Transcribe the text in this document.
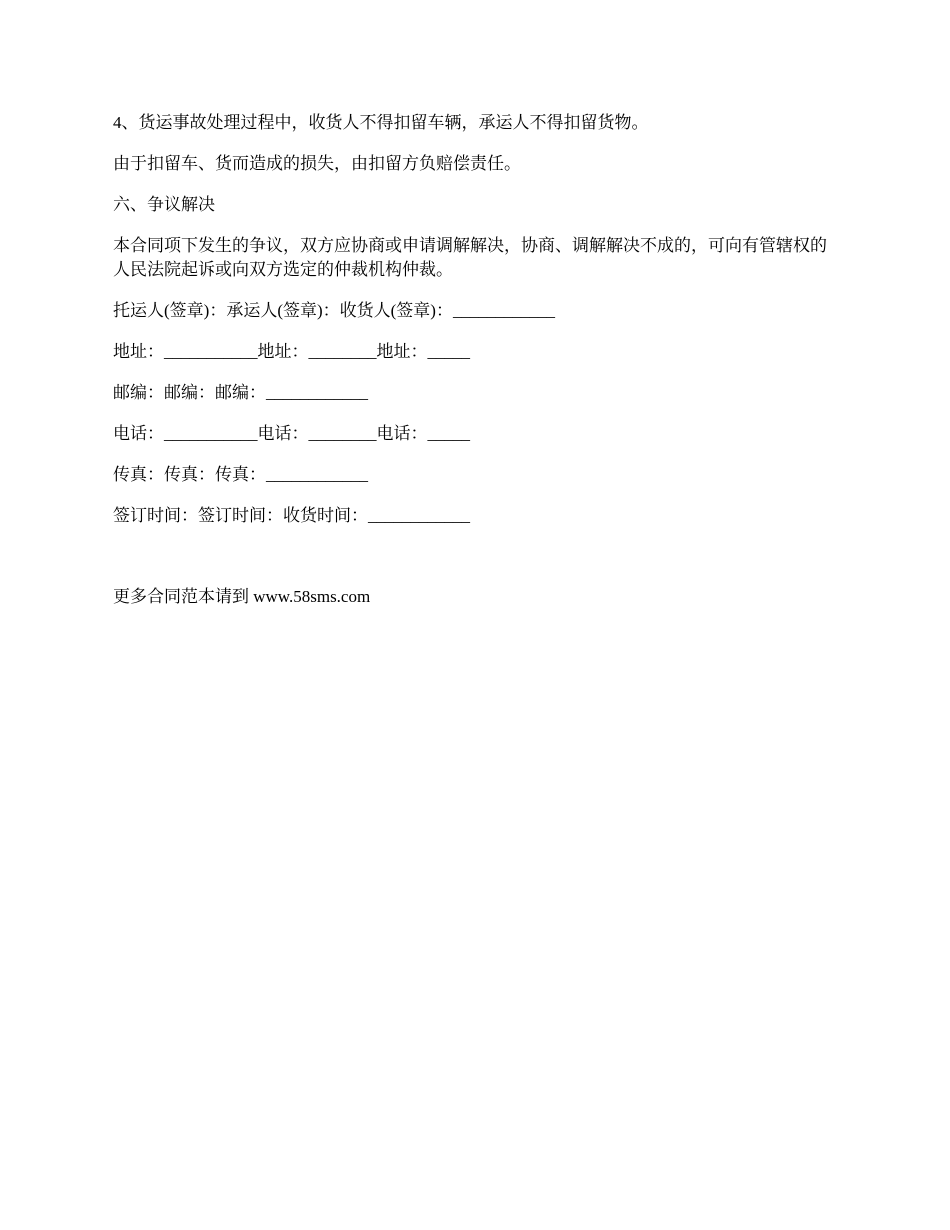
4、货运事故处理过程中，收货人不得扣留车辆，承运人不得扣留货物。

由于扣留车、货而造成的损失，由扣留方负赔偿责任。

六、争议解决

本合同项下发生的争议，双方应协商或申请调解解决，协商、调解解决不成的，可向有管辖权的人民法院起诉或向双方选定的仲裁机构仲裁。

托运人(签章)：承运人(签章)：收货人(签章)：____________

地址：___________地址：________地址：_____

邮编：邮编：邮编：____________

电话：___________电话：________电话：_____

传真：传真：传真：____________

签订时间：签订时间：收货时间：____________

更多合同范本请到 www.58sms.com
